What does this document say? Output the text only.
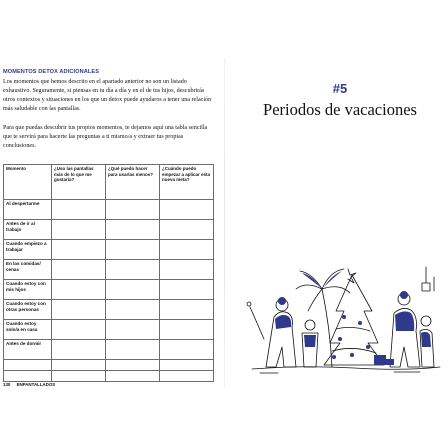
MOMENTOS DETOX ADICIONALES

Los momentos que hemos descrito en el apartado anterior no son un listado exhaustivo. Seguramente, si piensas en tu día a día y en el de tus hijos, descubrirás otros contextos y situaciones en los que un detox puede ayudaros a tener una relación más saludable con las pantallas.

Para que puedas descubrir tus propios momentos, te dejamos aquí una tabla sencilla que te servirá para hacerte las preguntas a ti mismo/a y extraer tus propias conclusiones.

Momento	¿Uso las pantallas más de lo que me gustaría?	¿Qué puedo hacer para usarlas menos?	¿Cuándo puedo empezar a aplicar esta nueva meta?
Al despertarme			
Antes de ir al trabajo			
Cuando empiezo a trabajar			
En las comidas/ cenas			
Cuando estoy con mis hijos			
Cuando estoy con otras personas			
Cuando estoy solo/a en casa			
Antes de dormir			

130 ENPANTALLADOS
#5
Periodos de vacaciones
